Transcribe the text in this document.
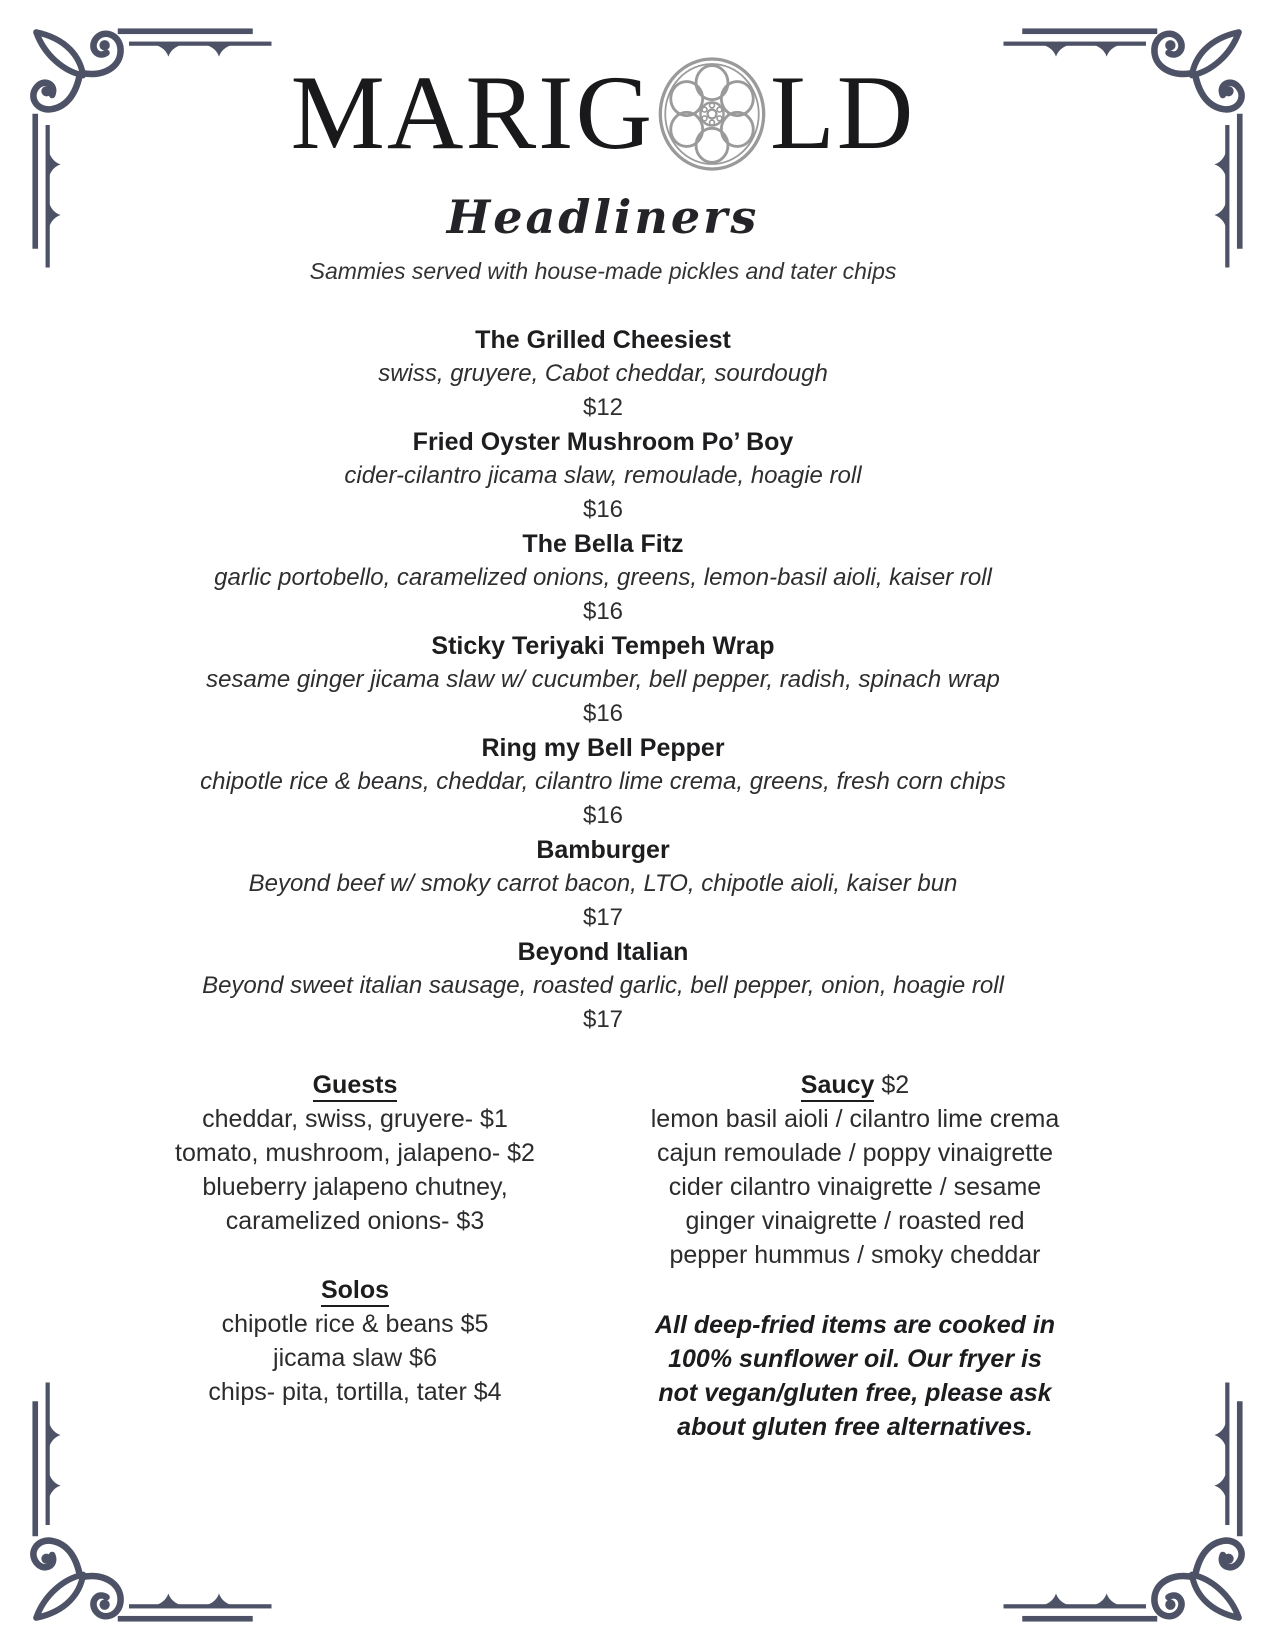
MARIG LD
Headliners
Sammies served with house-made pickles and tater chips
The Grilled Cheesiest
swiss, gruyere, Cabot cheddar, sourdough
$12
Fried Oyster Mushroom Po’ Boy
cider-cilantro jicama slaw, remoulade, hoagie roll
$16
The Bella Fitz
garlic portobello, caramelized onions, greens, lemon-basil aioli, kaiser roll
$16
Sticky Teriyaki Tempeh Wrap
sesame ginger jicama slaw w/ cucumber, bell pepper, radish, spinach wrap
$16
Ring my Bell Pepper
chipotle rice & beans, cheddar, cilantro lime crema, greens, fresh corn chips
$16
Bamburger
Beyond beef w/ smoky carrot bacon, LTO, chipotle aioli, kaiser bun
$17
Beyond Italian
Beyond sweet italian sausage, roasted garlic, bell pepper, onion, hoagie roll
$17
Guests
cheddar, swiss, gruyere- $1
tomato, mushroom, jalapeno- $2
blueberry jalapeno chutney,
caramelized onions- $3
Solos
chipotle rice & beans $5
jicama slaw $6
chips- pita, tortilla, tater $4
Saucy $2
lemon basil aioli / cilantro lime crema
cajun remoulade / poppy vinaigrette
cider cilantro vinaigrette / sesame
ginger vinaigrette / roasted red
pepper hummus / smoky cheddar
All deep-fried items are cooked in
100% sunflower oil. Our fryer is
not vegan/gluten free, please ask
about gluten free alternatives.
